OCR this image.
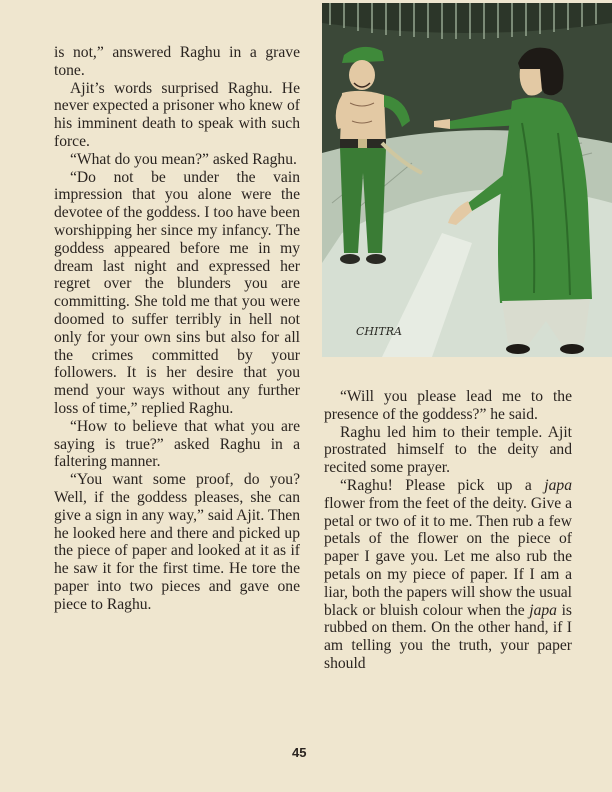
is not,” answered Raghu in a grave tone.

Ajit’s words surprised Raghu. He never expected a prisoner who knew of his imminent death to speak with such force.

“What do you mean?” asked Raghu.

“Do not be under the vain impression that you alone were the devotee of the goddess. I too have been worshipping her since my infancy. The goddess appeared before me in my dream last night and expressed her regret over the blunders you are committing. She told me that you were doomed to suffer terribly in hell not only for your own sins but also for all the crimes committed by your followers. It is her desire that you mend your ways without any further loss of time,” replied Raghu.

“How to believe that what you are saying is true?” asked Raghu in a faltering manner.

“You want some proof, do you? Well, if the goddess pleases, she can give a sign in any way,” said Ajit. Then he looked here and there and picked up the piece of paper and looked at it as if he saw it for the first time. He tore the paper into two pieces and gave one piece to Raghu.

CHITRA

“Will you please lead me to the presence of the goddess?” he said.

Raghu led him to their temple. Ajit prostrated himself to the deity and recited some prayer.

“Raghu! Please pick up a japa flower from the feet of the deity. Give a petal or two of it to me. Then rub a few petals of the flower on the piece of paper I gave you. Let me also rub the petals on my piece of paper. If I am a liar, both the papers will show the usual black or bluish colour when the japa is rubbed on them. On the other hand, if I am telling you the truth, your paper should

45
